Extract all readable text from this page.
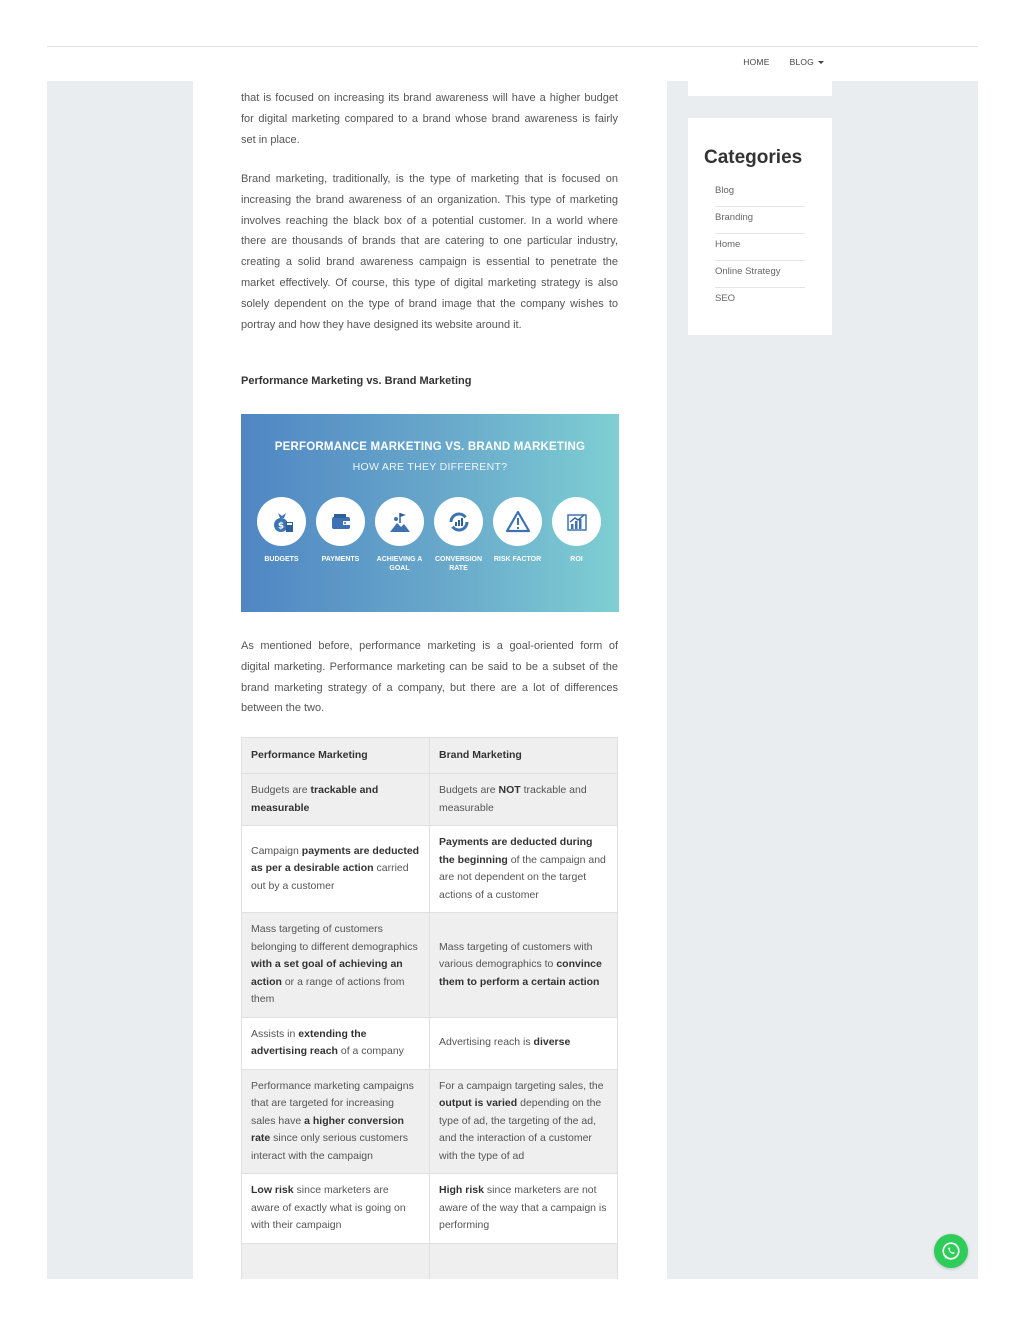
HOME BLOG

that is focused on increasing its brand awareness will have a higher budget for digital marketing compared to a brand whose brand awareness is fairly set in place.

Brand marketing, traditionally, is the type of marketing that is focused on increasing the brand awareness of an organization. This type of marketing involves reaching the black box of a potential customer. In a world where there are thousands of brands that are catering to one particular industry, creating a solid brand awareness campaign is essential to penetrate the market effectively. Of course, this type of digital marketing strategy is also solely dependent on the type of brand image that the company wishes to portray and how they have designed its website around it.

Performance Marketing vs. Brand Marketing
PERFORMANCE MARKETING VS. BRAND MARKETING
HOW ARE THEY DIFFERENT?
$
BUDGETS	PAYMENTS	ACHIEVING A GOAL
CONVERSION RATE
RISK FACTOR	ROI

As mentioned before, performance marketing is a goal-oriented form of digital marketing. Performance marketing can be said to be a subset of the brand marketing strategy of a company, but there are a lot of differences between the two.

Performance Marketing	Brand Marketing
Budgets are trackable and measurable	Budgets are NOT trackable and measurable
Campaign payments are deducted as per a desirable action carried out by a customer	Payments are deducted during the beginning of the campaign and are not dependent on the target actions of a customer
Mass targeting of customers belonging to different demographics with a set goal of achieving an action or a range of actions from them	Mass targeting of customers with various demographics to convince them to perform a certain action
Assists in extending the advertising reach of a company	Advertising reach is diverse
Performance marketing campaigns that are targeted for increasing sales have a higher conversion rate since only serious customers interact with the campaign	For a campaign targeting sales, the output is varied depending on the type of ad, the targeting of the ad, and the interaction of a customer with the type of ad
Low risk since marketers are aware of exactly what is going on with their campaign	High risk since marketers are not aware of the way that a campaign is performing

Categories
Blog
Branding
Home
Online Strategy
SEO
